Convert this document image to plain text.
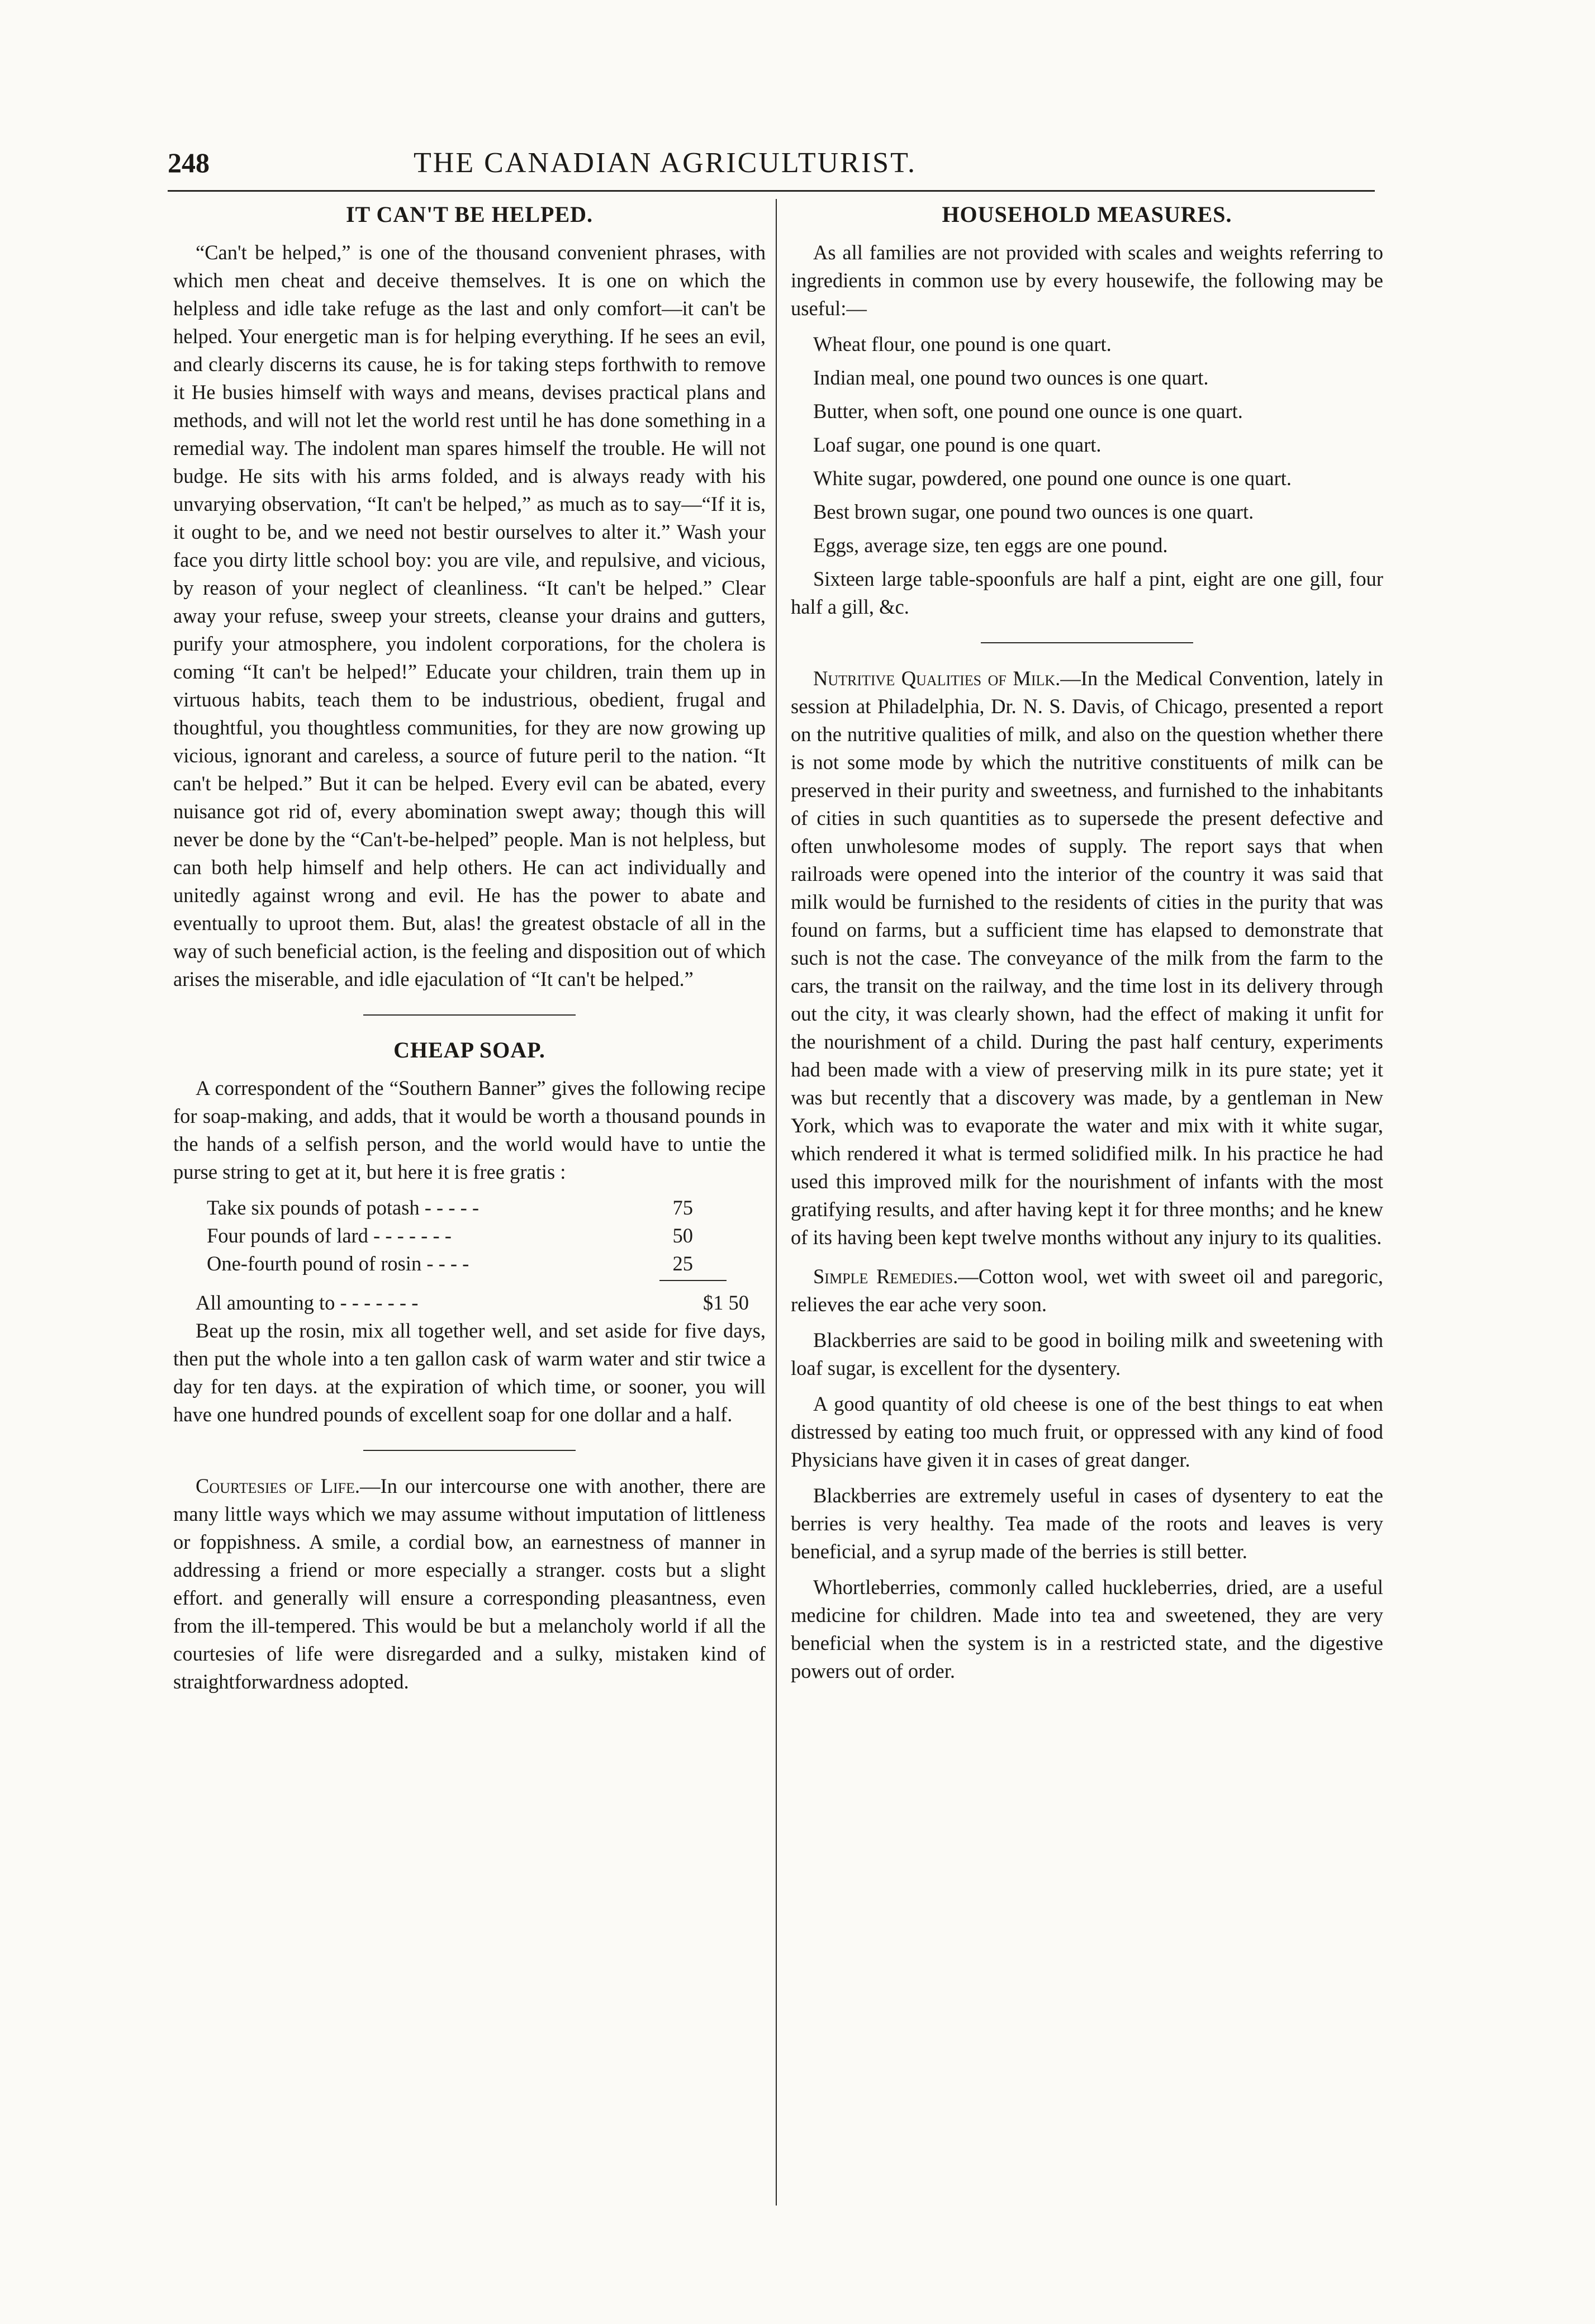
248	THE CANADIAN AGRICULTURIST.
IT CAN'T BE HELPED.

“Can't be helped,” is one of the thousand convenient phrases, with which men cheat and deceive themselves. It is one on which the helpless and idle take refuge as the last and only comfort—it can't be helped. Your energetic man is for helping everything. If he sees an evil, and clearly discerns its cause, he is for taking steps forthwith to remove it He busies himself with ways and means, devises practical plans and methods, and will not let the world rest until he has done something in a remedial way. The indolent man spares himself the trouble. He will not budge. He sits with his arms folded, and is always ready with his unvarying observation, “It can't be helped,” as much as to say—“If it is, it ought to be, and we need not bestir ourselves to alter it.” Wash your face you dirty little school boy: you are vile, and repulsive, and vicious, by reason of your neglect of cleanliness. “It can't be helped.” Clear away your refuse, sweep your streets, cleanse your drains and gutters, purify your atmosphere, you indolent corporations, for the cholera is coming “It can't be helped!” Educate your children, train them up in virtuous habits, teach them to be industrious, obedient, frugal and thoughtful, you thoughtless communities, for they are now growing up vicious, ignorant and careless, a source of future peril to the nation. “It can't be helped.” But it can be helped. Every evil can be abated, every nuisance got rid of, every abomination swept away; though this will never be done by the “Can't-be-helped” people. Man is not helpless, but can both help himself and help others. He can act individually and unitedly against wrong and evil. He has the power to abate and eventually to uproot them. But, alas! the greatest obstacle of all in the way of such beneficial action, is the feeling and disposition out of which arises the miserable, and idle ejaculation of “It can't be helped.”

CHEAP SOAP.

A correspondent of the “Southern Banner” gives the following recipe for soap-making, and adds, that it would be worth a thousand pounds in the hands of a selfish person, and the world would have to untie the purse string to get at it, but here it is free gratis :

Take six pounds of potash - - - - -	75
Four pounds of lard - - - - - - -	50
One-fourth pound of rosin - - - -	25
All amounting to - - - - - - -	$1 50

Beat up the rosin, mix all together well, and set aside for five days, then put the whole into a ten gallon cask of warm water and stir twice a day for ten days. at the expiration of which time, or sooner, you will have one hundred pounds of excellent soap for one dollar and a half.

Courtesies of Life.—In our intercourse one with another, there are many little ways which we may assume without imputation of littleness or foppishness. A smile, a cordial bow, an earnestness of manner in addressing a friend or more especially a stranger. costs but a slight effort. and generally will ensure a corresponding pleasantness, even from the ill-tempered. This would be but a melancholy world if all the courtesies of life were disregarded and a sulky, mistaken kind of straightforwardness adopted.

HOUSEHOLD MEASURES.

As all families are not provided with scales and weights referring to ingredients in common use by every housewife, the following may be useful:—

Wheat flour, one pound is one quart.

Indian meal, one pound two ounces is one quart.

Butter, when soft, one pound one ounce is one quart.

Loaf sugar, one pound is one quart.

White sugar, powdered, one pound one ounce is one quart.

Best brown sugar, one pound two ounces is one quart.

Eggs, average size, ten eggs are one pound.

Sixteen large table-spoonfuls are half a pint, eight are one gill, four half a gill, &c.

Nutritive Qualities of Milk.—In the Medical Convention, lately in session at Philadelphia, Dr. N. S. Davis, of Chicago, presented a report on the nutritive qualities of milk, and also on the question whether there is not some mode by which the nutritive constituents of milk can be preserved in their purity and sweetness, and furnished to the inhabitants of cities in such quantities as to supersede the present defective and often unwholesome modes of supply. The report says that when railroads were opened into the interior of the country it was said that milk would be furnished to the residents of cities in the purity that was found on farms, but a sufficient time has elapsed to demonstrate that such is not the case. The conveyance of the milk from the farm to the cars, the transit on the railway, and the time lost in its delivery through out the city, it was clearly shown, had the effect of making it unfit for the nourishment of a child. During the past half century, experiments had been made with a view of preserving milk in its pure state; yet it was but recently that a discovery was made, by a gentleman in New York, which was to evaporate the water and mix with it white sugar, which rendered it what is termed solidified milk. In his practice he had used this improved milk for the nourishment of infants with the most gratifying results, and after having kept it for three months; and he knew of its having been kept twelve months without any injury to its qualities.

Simple Remedies.—Cotton wool, wet with sweet oil and paregoric, relieves the ear ache very soon.

Blackberries are said to be good in boiling milk and sweetening with loaf sugar, is excellent for the dysentery.

A good quantity of old cheese is one of the best things to eat when distressed by eating too much fruit, or oppressed with any kind of food Physicians have given it in cases of great danger.

Blackberries are extremely useful in cases of dysentery to eat the berries is very healthy. Tea made of the roots and leaves is very beneficial, and a syrup made of the berries is still better.

Whortleberries, commonly called huckleberries, dried, are a useful medicine for children. Made into tea and sweetened, they are very beneficial when the system is in a restricted state, and the digestive powers out of order.
